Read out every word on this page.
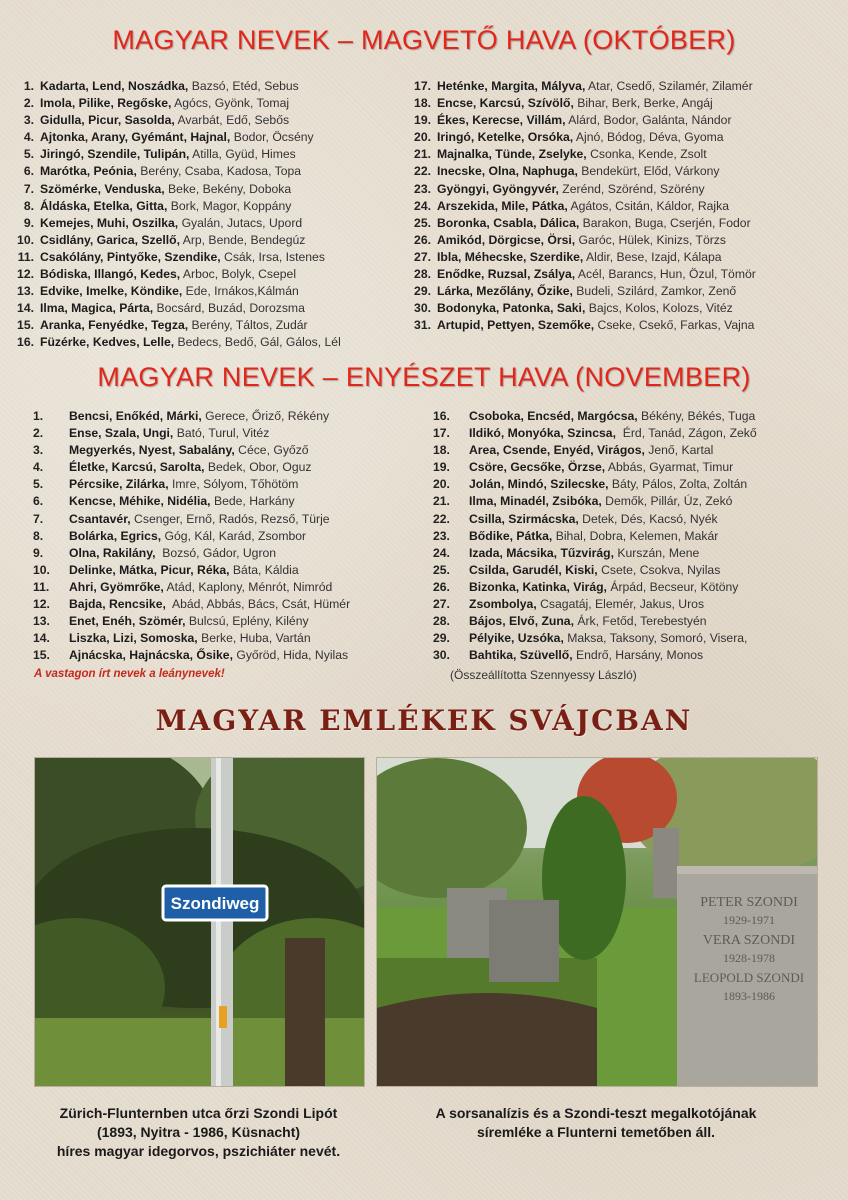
MAGYAR NEVEK – MAGVETŐ HAVA (OKTÓBER)
1. Kadarta, Lend, Noszádka, Bazsó, Etéd, Sebus
2. Imola, Pilike, Regőske, Agócs, Gyönk, Tomaj
3. Gidulla, Picur, Sasolda, Avarbát, Edő, Sebős
4. Ajtonka, Arany, Gyémánt, Hajnal, Bodor, Öcsény
5. Jiringó, Szendile, Tulipán, Atilla, Gyüd, Himes
6. Marótka, Peónia, Berény, Csaba, Kadosa, Topa
7. Szömérke, Venduska, Beke, Bekény, Doboka
8. Áldáska, Etelka, Gitta, Bork, Magor, Koppány
9. Kemejes, Muhi, Oszilka, Gyalán, Jutacs, Upord
10. Csidlány, Garica, Szellő, Arp, Bende, Bendegúz
11. Csakólány, Pintyőke, Szendike, Csák, Irsa, Istenes
12. Bódiska, Illangó, Kedes, Arboc, Bolyk, Csepel
13. Edvike, Imelke, Köndike, Ede, Irnákos,Kálmán
14. Ilma, Magica, Párta, Bocsárd, Buzád, Dorozsma
15. Aranka, Fenyédke, Tegza, Berény, Táltos, Zudár
16. Füzérke, Kedves, Lelle, Bedecs, Bedő, Gál, Gálos, Lél
17. Heténke, Margita, Mályva, Atar, Csedő, Szilamér, Zilamér
18. Encse, Karcsú, Szívölő, Bihar, Berk, Berke, Angáj
19. Ékes, Kerecse, Villám, Alárd, Bodor, Galánta, Nándor
20. Iringó, Ketelke, Orsóka, Ajnó, Bódog, Déva, Gyoma
21. Majnalka, Tünde, Zselyke, Csonka, Kende, Zsolt
22. Inecske, Olna, Naphuga, Bendekürt, Előd, Várkony
23. Gyöngyi, Gyöngyvér, Zerénd, Szörénd, Szörény
24. Arszekida, Mile, Pátka, Agátos, Csitán, Káldor, Rajka
25. Boronka, Csabla, Dálica, Barakon, Buga, Cserjén, Fodor
26. Amikód, Dörgicse, Örsi, Garóc, Hülek, Kinizs, Törzs
27. Ibla, Méhecske, Szerdike, Aldir, Bese, Izajd, Kálapa
28. Enődke, Ruzsal, Zsálya, Acél, Barancs, Hun, Özul, Tömör
29. Lárka, Mezőlány, Őzike, Budeli, Szilárd, Zamkor, Zenő
30. Bodonyka, Patonka, Saki, Bajcs, Kolos, Kolozs, Vitéz
31. Artupid, Pettyen, Szemőke, Cseke, Csekő, Farkas, Vajna
MAGYAR NEVEK – ENYÉSZET HAVA (NOVEMBER)
1.	Bencsi, Enőkéd, Márki, Gerece, Őriző, Rékény
2.	Ense, Szala, Ungi, Bató, Turul, Vitéz
3.	Megyerkés, Nyest, Sabalány, Céce, Győző
4.	Életke, Karcsú, Sarolta, Bedek, Obor, Oguz
5.	Pércsike, Zilárka, Imre, Sólyom, Tőhötöm
6.	Kencse, Méhike, Nidélia, Bede, Harkány
7.	Csantavér, Csenger, Ernő, Radós, Rezső, Türje
8.	Bolárka, Egrics, Góg, Kál, Karád, Zsombor
9.	Olna, Rakilány, Bozsó, Gádor, Ugron
10.	Delinke, Mátka, Picur, Réka, Báta, Káldia
11.	Ahri, Gyömrőke, Atád, Kaplony, Ménrót, Nimród
12.	Bajda, Rencsike, Abád, Abbás, Bács, Csát, Hümér
13.	Enet, Enéh, Szömér, Bulcsú, Eplény, Kilény
14.	Liszka, Lizi, Somoska, Berke, Huba, Vartán
15.	Ajnácska, Hajnácska, Ősike, Győröd, Hida, Nyilas
16.	Csoboka, Encséd, Margócsa, Békény, Békés, Tuga
17.	Ildikó, Monyóka, Szincsa, Érd, Tanád, Zágon, Zekő
18.	Area, Csende, Enyéd, Virágos, Jenő, Kartal
19.	Csöre, Gecsőke, Örzse, Abbás, Gyarmat, Timur
20.	Jolán, Mindó, Szilecske, Báty, Pálos, Zolta, Zoltán
21.	Ilma, Minadél, Zsibóka, Demők, Pillár, Úz, Zekó
22.	Csilla, Szirmácska, Detek, Dés, Kacsó, Nyék
23.	Bődike, Pátka, Bihal, Dobra, Kelemen, Makár
24.	Izada, Mácsika, Tűzvirág, Kurszán, Mene
25.	Csilda, Garudél, Kiski, Csete, Csokva, Nyilas
26.	Bizonka, Katinka, Virág, Árpád, Becseur, Kötöny
27.	Zsombolya, Csagatáj, Elemér, Jakus, Uros
28.	Bájos, Elvő, Zuna, Árk, Fetőd, Terebestyén
29.	Pélyike, Uzsóka, Maksa, Taksony, Somoró, Visera,
30.	Bahtika, Szüvellő, Endrő, Harsány, Monos
A vastagon írt nevek a leánynevek!	(Összeállította Szennyessy László)
MAGYAR EMLÉKEK SVÁJCBAN
Szondiweg	PETER SZONDI
1929-1971
VERA SZONDI
1928-1978
LEOPOLD SZONDI
1893-1986
Zürich-Flunternben utca őrzi Szondi Lipót
(1893, Nyitra - 1986, Küsnacht)
híres magyar idegorvos, pszichiáter nevét.
A sorsanalízis és a Szondi-teszt megalkotójának
síremléke a Flunterni temetőben áll.
